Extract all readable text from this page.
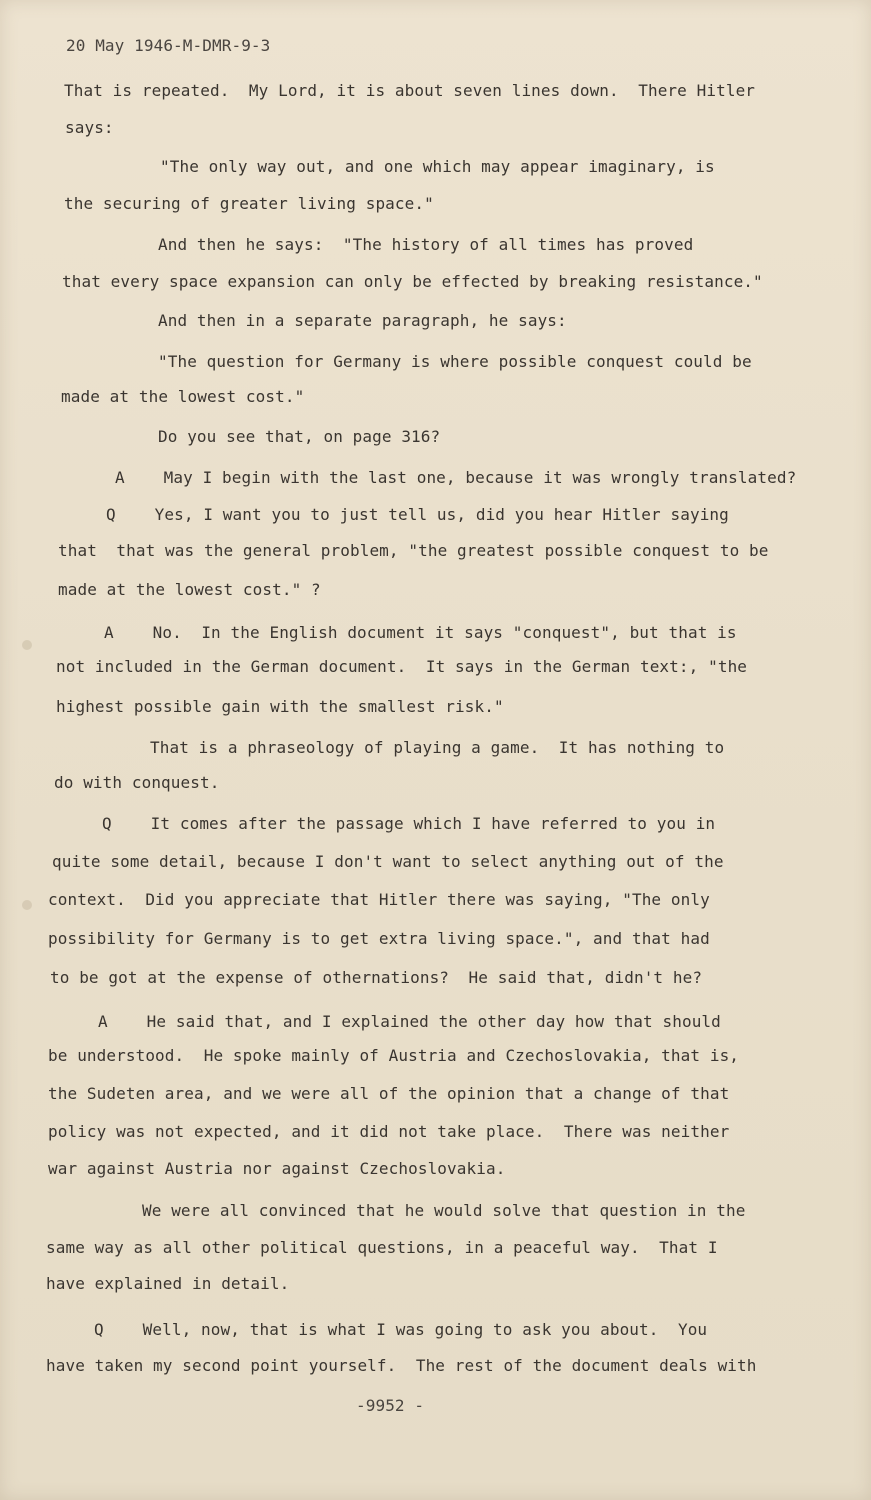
20 May 1946-M-DMR-9-3
That is repeated.  My Lord, it is about seven lines down.  There Hitler
says:
"The only way out, and one which may appear imaginary, is
the securing of greater living space."
And then he says:  "The history of all times has proved
that every space expansion can only be effected by breaking resistance."
And then in a separate paragraph, he says:
"The question for Germany is where possible conquest could be
made at the lowest cost."
Do you see that, on page 316?
A    May I begin with the last one, because it was wrongly translated?
Q    Yes, I want you to just tell us, did you hear Hitler saying
that  that was the general problem, "the greatest possible conquest to be
made at the lowest cost." ?
A    No.  In the English document it says "conquest", but that is
not included in the German document.  It says in the German text:, "the
highest possible gain with the smallest risk."
That is a phraseology of playing a game.  It has nothing to
do with conquest.
Q    It comes after the passage which I have referred to you in
quite some detail, because I don't want to select anything out of the
context.  Did you appreciate that Hitler there was saying, "The only
possibility for Germany is to get extra living space.", and that had
to be got at the expense of othernations?  He said that, didn't he?
A    He said that, and I explained the other day how that should
be understood.  He spoke mainly of Austria and Czechoslovakia, that is,
the Sudeten area, and we were all of the opinion that a change of that
policy was not expected, and it did not take place.  There was neither
war against Austria nor against Czechoslovakia.
We were all convinced that he would solve that question in the
same way as all other political questions, in a peaceful way.  That I
have explained in detail.
Q    Well, now, that is what I was going to ask you about.  You
have taken my second point yourself.  The rest of the document deals with
-9952 -
